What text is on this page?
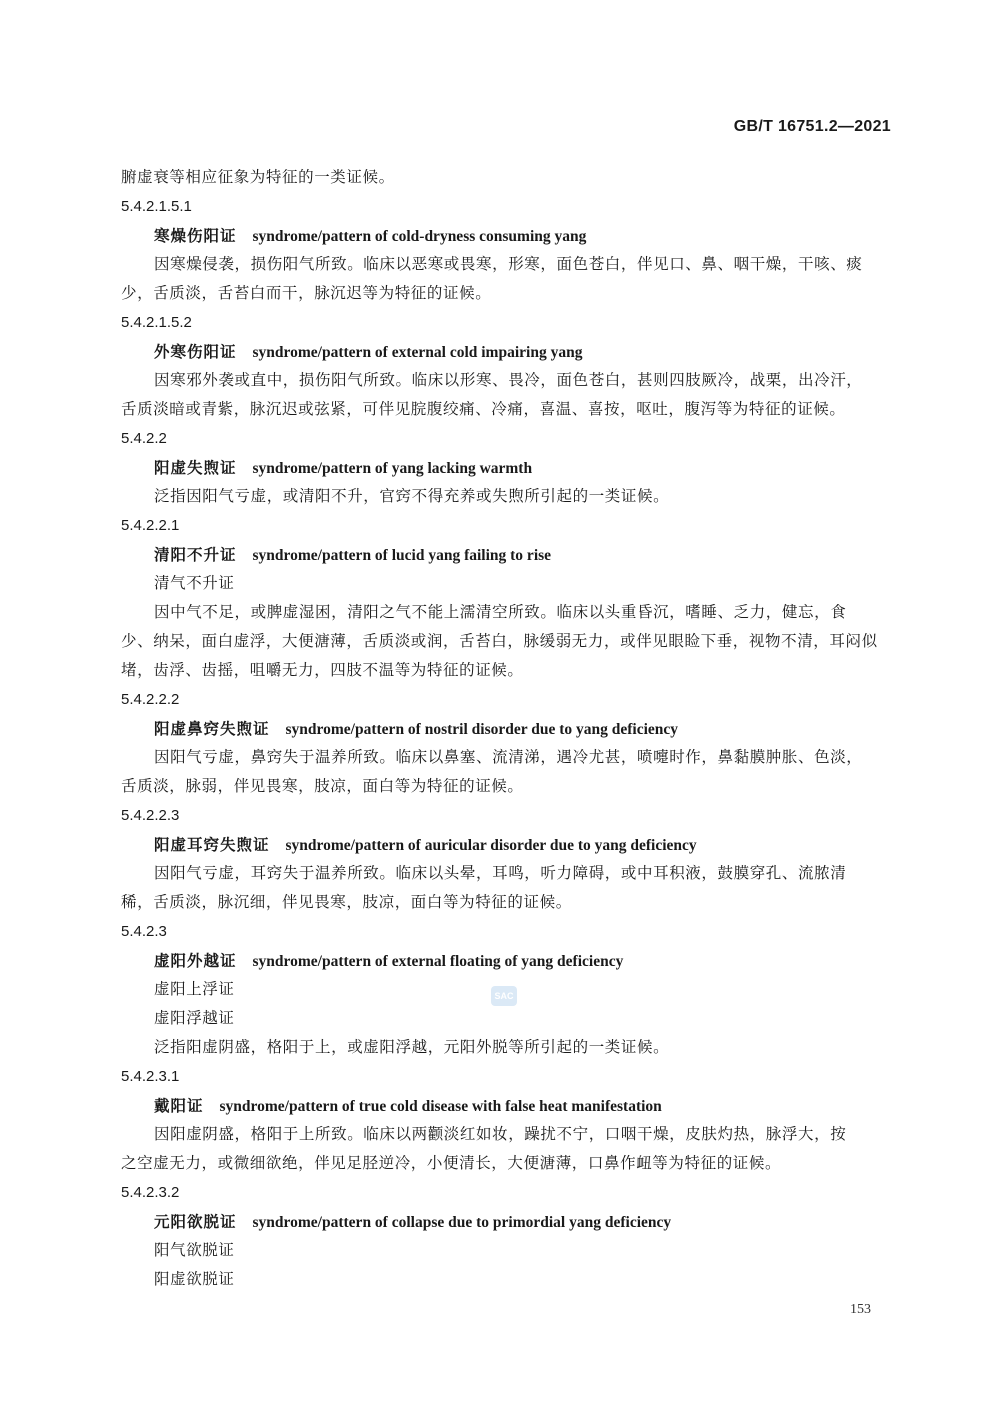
GB/T 16751.2—2021
腑虚衰等相应征象为特征的一类证候。
5.4.2.1.5.1
寒燥伤阳证 syndrome/pattern of cold-dryness consuming yang
因寒燥侵袭，损伤阳气所致。临床以恶寒或畏寒，形寒，面色苍白，伴见口、鼻、咽干燥，干咳、痰
少，舌质淡，舌苔白而干，脉沉迟等为特征的证候。
5.4.2.1.5.2
外寒伤阳证 syndrome/pattern of external cold impairing yang
因寒邪外袭或直中，损伤阳气所致。临床以形寒、畏冷，面色苍白，甚则四肢厥冷，战栗，出冷汗，
舌质淡暗或青紫，脉沉迟或弦紧，可伴见脘腹绞痛、冷痛，喜温、喜按，呕吐，腹泻等为特征的证候。
5.4.2.2
阳虚失煦证 syndrome/pattern of yang lacking warmth
泛指因阳气亏虚，或清阳不升，官窍不得充养或失煦所引起的一类证候。
5.4.2.2.1
清阳不升证 syndrome/pattern of lucid yang failing to rise
清气不升证
因中气不足，或脾虚湿困，清阳之气不能上濡清空所致。临床以头重昏沉，嗜睡、乏力，健忘，食
少、纳呆，面白虚浮，大便溏薄，舌质淡或润，舌苔白，脉缓弱无力，或伴见眼睑下垂，视物不清，耳闷似
堵，齿浮、齿摇，咀嚼无力，四肢不温等为特征的证候。
5.4.2.2.2
阳虚鼻窍失煦证 syndrome/pattern of nostril disorder due to yang deficiency
因阳气亏虚，鼻窍失于温养所致。临床以鼻塞、流清涕，遇冷尤甚，喷嚏时作，鼻黏膜肿胀、色淡，
舌质淡，脉弱，伴见畏寒，肢凉，面白等为特征的证候。
5.4.2.2.3
阳虚耳窍失煦证 syndrome/pattern of auricular disorder due to yang deficiency
因阳气亏虚，耳窍失于温养所致。临床以头晕，耳鸣，听力障碍，或中耳积液，鼓膜穿孔、流脓清
稀，舌质淡，脉沉细，伴见畏寒，肢凉，面白等为特征的证候。
5.4.2.3
虚阳外越证 syndrome/pattern of external floating of yang deficiency
虚阳上浮证
虚阳浮越证
泛指阳虚阴盛，格阳于上，或虚阳浮越，元阳外脱等所引起的一类证候。
5.4.2.3.1
戴阳证 syndrome/pattern of true cold disease with false heat manifestation
因阳虚阴盛，格阳于上所致。临床以两颧淡红如妆，躁扰不宁，口咽干燥，皮肤灼热，脉浮大，按
之空虚无力，或微细欲绝，伴见足胫逆冷，小便清长，大便溏薄，口鼻作衄等为特征的证候。
5.4.2.3.2
元阳欲脱证 syndrome/pattern of collapse due to primordial yang deficiency
阳气欲脱证
阳虚欲脱证
SAC
153
